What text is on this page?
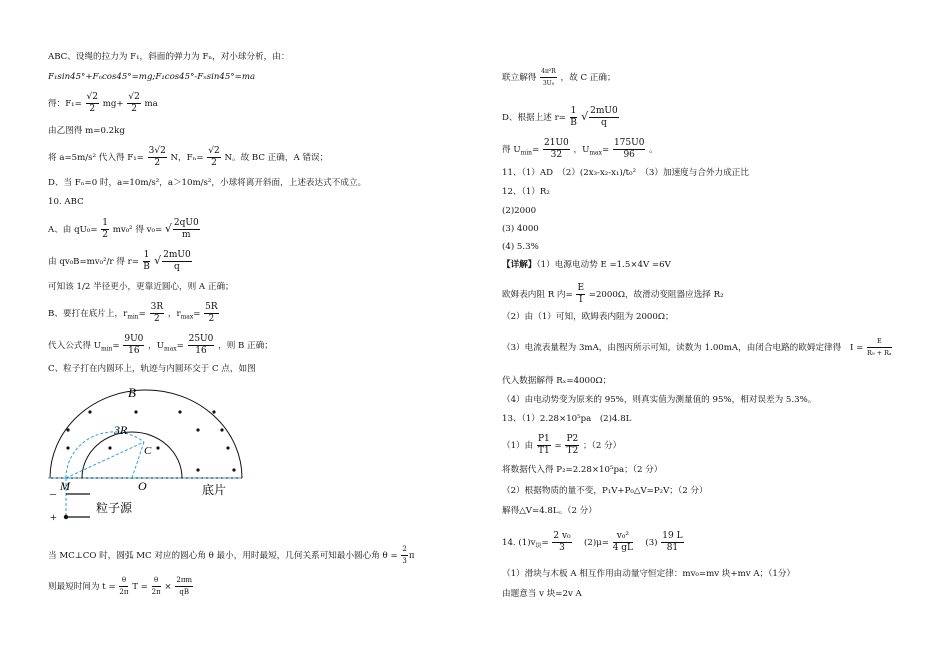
ABC、设绳的拉力为 F₁，斜面的弹力为 Fₙ，对小球分析，由：
F₁sin45°+Fₙcos45°=mg;F₁cos45°-Fₙsin45°=ma
得：$F_1= \frac{√2}{2} mg+ \frac{√2}{2}$ ma
由乙图得 m=0.2kg
将 a=5m/s² 代入得 $F_1= \frac{3√2}{2}$ N，$F_n= \frac{√2}{2}$ N。故 BC 正确，A 错误；
D、当 Fₙ=0 时，a=10m/s²，a＞10m/s²，小球将离开斜面，上述表达式不成立。
10. ABC
A、由 $qU_0= \frac{1}{2} mv_0^2$ 得 v₀= √ $\frac{2qU0}{m}$
由 qv₀B=mv₀²/r 得 $r= \frac{1}{B}$ √ $\frac{2mU0}{q}$
可知该 1/2 半径更小，更靠近圆心，则 A 正确；
B、要打在底片上，$r_{min}= \frac{3R}{2}$ ，$r_{max}= \frac{5R}{2}$
代入公式得 $U_{min}= \frac{9U0}{16}$ ，$U_{max}= \frac{25U0}{16}$ ，则 B 正确；
C、粒子打在内圆环上，轨迹与内圆环交于 C 点，如图
B
3R
C
M	O	底片
粒子源
–
+
当 MC⊥CO 时，圆弧 MC 对应的圆心角 θ 最小，用时最短，几何关系可知最小圆心角 $\theta = \frac{2}{3}$ π
则最短时间为 $t = \frac{\theta}{2\pi}$ $T = \frac{\theta}{2\pi} \times \frac{2\pi m}{qB}$
联立解得 $\frac{\text{4π²R}}{\text{3U₀}}$ ，故 C 正确；
D、根据上述 $r= \frac{1}{B}$ √ $\frac{2mU0}{q}$
得 $U_{min}= \frac{21U0}{32}$ ，$U_{max}= \frac{175U0}{96}$ 。
11、（1）AD　（2）(2x₃-x₂-x₁)/t₀²　（3）加速度与合外力成正比
12、（1）R₂
(2)2000
(3) 4000
(4) 5.3%
【详解】（1）电源电动势 E =1.5×4V =6V
欧姆表内阻 R 内= $\frac{E}{I} =2000\Omega$，故滑动变阻器应选择 R₂
（2）由（1）可知，欧姆表内阻为 2000Ω；
（3）电流表量程为 3mA，由图丙所示可知，读数为 1.00mA，由闭合电路的欧姆定律得 $I = \frac{E}{\text{R₉ + Rₓ}}$
代入数据解得 Rₓ=4000Ω；
（4）由电动势变为原来的 95%，则真实值为测量值的 95%，相对误差为 5.3%。
13、（1）2.28×10⁵pa　(2)4.8L
（1）由 $\frac{P1}{T1} = \frac{P2}{T2}$ ；（2 分）
将数据代入得 P₂=2.28×10⁵pa；（2 分）
（2）根据物质的量不变，P₁V+P₀△V=P₂V；（2 分）
解得△V=4.8L。（2 分）
14. $(1)v_块= \frac{\text{2 v₀}}{3}$ 　$(2)\mu= \frac{\text{v₀²}}{4 gL}$ 　$(3) \frac{19 L}{81}$
（1）滑块与木板 A 相互作用由动量守恒定律：mv₀=mv 块+mv A；（1分）
由题意当 v 块=2v A
